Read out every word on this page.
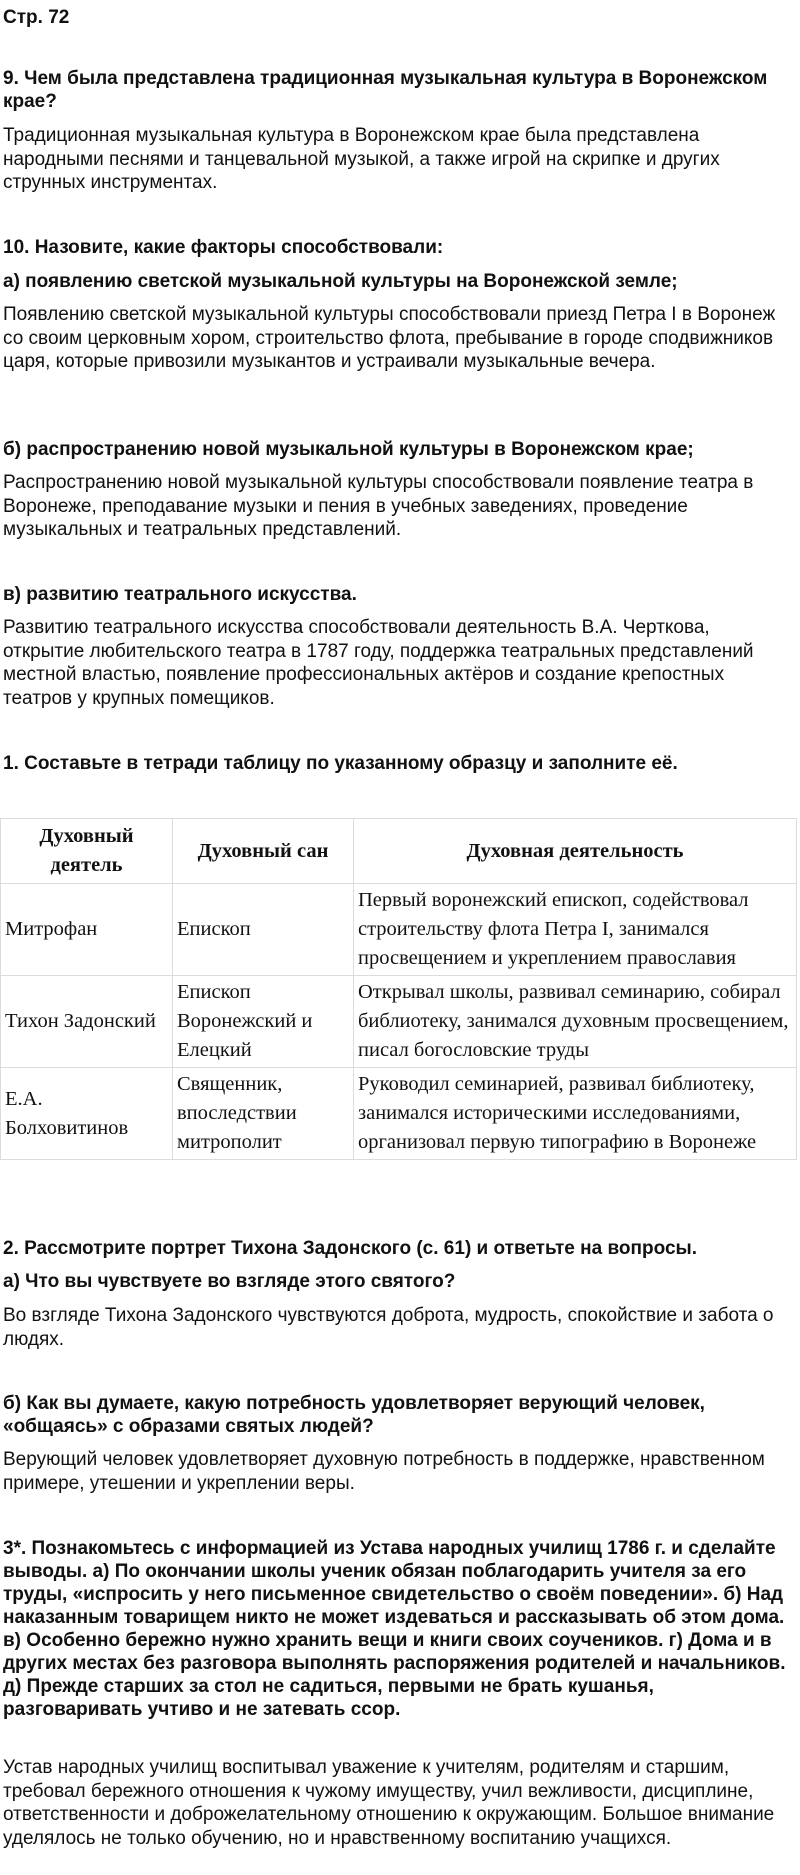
Стр. 72
9. Чем была представлена традиционная музыкальная культура в Воронежском крае?
Традиционная музыкальная культура в Воронежском крае была представлена народными песнями и танцевальной музыкой, а также игрой на скрипке и других струнных инструментах.
10. Назовите, какие факторы способствовали:
а) появлению светской музыкальной культуры на Воронежской земле;
Появлению светской музыкальной культуры способствовали приезд Петра I в Воронеж со своим церковным хором, строительство флота, пребывание в городе сподвижников царя, которые привозили музыкантов и устраивали музыкальные вечера.
б) распространению новой музыкальной культуры в Воронежском крае;
Распространению новой музыкальной культуры способствовали появление театра в Воронеже, преподавание музыки и пения в учебных заведениях, проведение музыкальных и театральных представлений.
в) развитию театрального искусства.
Развитию театрального искусства способствовали деятельность В.А. Черткова, открытие любительского театра в 1787 году, поддержка театральных представлений местной властью, появление профессиональных актёров и создание крепостных театров у крупных помещиков.
1. Составьте в тетради таблицу по указанному образцу и заполните её.
Духовный деятель	Духовный сан	Духовная деятельность
Митрофан	Епископ	Первый воронежский епископ, содействовал строительству флота Петра I, занимался просвещением и укреплением православия
Тихон Задонский	Епископ Воронежский и Елецкий	Открывал школы, развивал семинарию, собирал библиотеку, занимался духовным просвещением, писал богословские труды
Е.А. Болховитинов	Священник, впоследствии митрополит	Руководил семинарией, развивал библиотеку, занимался историческими исследованиями, организовал первую типографию в Воронеже
2. Рассмотрите портрет Тихона Задонского (с. 61) и ответьте на вопросы.
а) Что вы чувствуете во взгляде этого святого?
Во взгляде Тихона Задонского чувствуются доброта, мудрость, спокойствие и забота о людях.
б) Как вы думаете, какую потребность удовлетворяет верующий человек, «общаясь» с образами святых людей?
Верующий человек удовлетворяет духовную потребность в поддержке, нравственном примере, утешении и укреплении веры.
3*. Познакомьтесь с информацией из Устава народных училищ 1786 г. и сделайте выводы. а) По окончании школы ученик обязан поблагодарить учителя за его труды, «испросить у него письменное свидетельство о своём поведении». б) Над наказанным товарищем никто не может издеваться и рассказывать об этом дома. в) Особенно бережно нужно хранить вещи и книги своих соучеников. г) Дома и в других местах без разговора выполнять распоряжения родителей и начальников. д) Прежде старших за стол не садиться, первыми не брать кушанья, разговаривать учтиво и не затевать ссор.
Устав народных училищ воспитывал уважение к учителям, родителям и старшим, требовал бережного отношения к чужому имуществу, учил вежливости, дисциплине, ответственности и доброжелательному отношению к окружающим. Большое внимание уделялось не только обучению, но и нравственному воспитанию учащихся.
